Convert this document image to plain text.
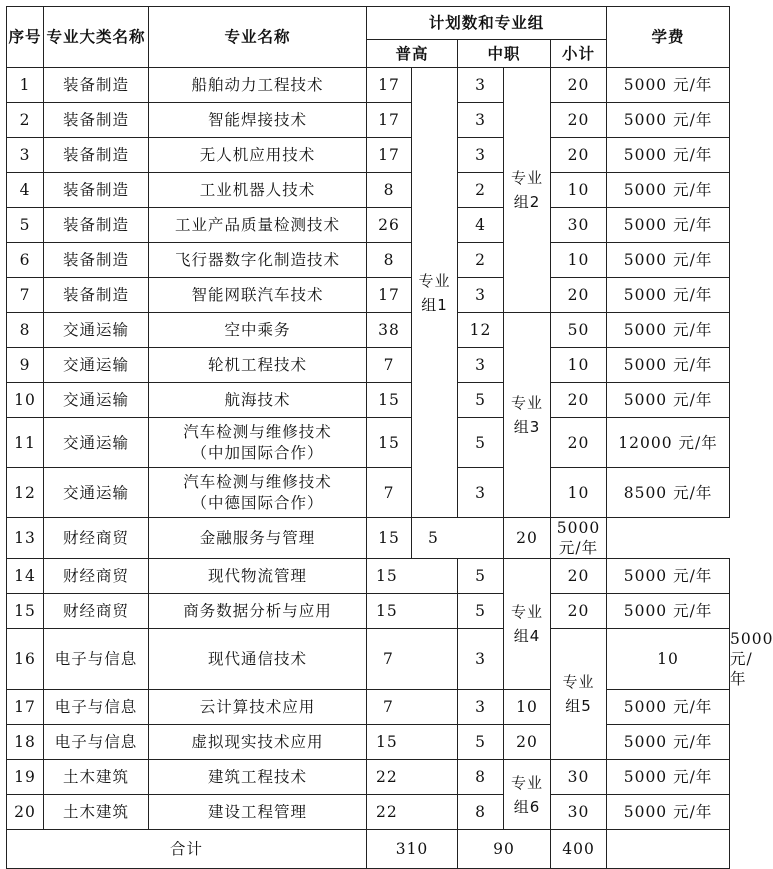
序号	专业大类名称	专业名称	计划数和专业组					学费	
			普高		中职		小计		
1	装备制造	船舶动力工程技术	17	专业组1	3	专业组2	20	5000 元/年	
2	装备制造	智能焊接技术	17		3		20	5000 元/年	
3	装备制造	无人机应用技术	17		3		20	5000 元/年	
4	装备制造	工业机器人技术	8		2		10	5000 元/年	
5	装备制造	工业产品质量检测技术	26		4		30	5000 元/年	
6	装备制造	飞行器数字化制造技术	8		2		10	5000 元/年	
7	装备制造	智能网联汽车技术	17		3		20	5000 元/年	
8	交通运输	空中乘务	38		12	专业组3	50	5000 元/年	
9	交通运输	轮机工程技术	7		3		10	5000 元/年	
10	交通运输	航海技术	15		5		20	5000 元/年	
11	交通运输	汽车检测与维修技术
（中加国际合作）	15		5		20	12000 元/年	
12	交通运输	汽车检测与维修技术
（中德国际合作）	7		3		10	8500 元/年	
13	财经商贸	金融服务与管理	15	5		20	5000 元/年		
14	财经商贸	现代物流管理	15		5	专业组4	20	5000 元/年	
15	财经商贸	商务数据分析与应用	15		5		20	5000 元/年	
16	电子与信息	现代通信技术	7		3		专业组5	10	5000 元/年
17	电子与信息	云计算技术应用	7		3	10		5000 元/年	
18	电子与信息	虚拟现实技术应用	15		5	20		5000 元/年	
19	土木建筑	建筑工程技术	22		8	专业组6	30	5000 元/年	
20	土木建筑	建设工程管理	22		8		30	5000 元/年	
合计			310		90		400		
